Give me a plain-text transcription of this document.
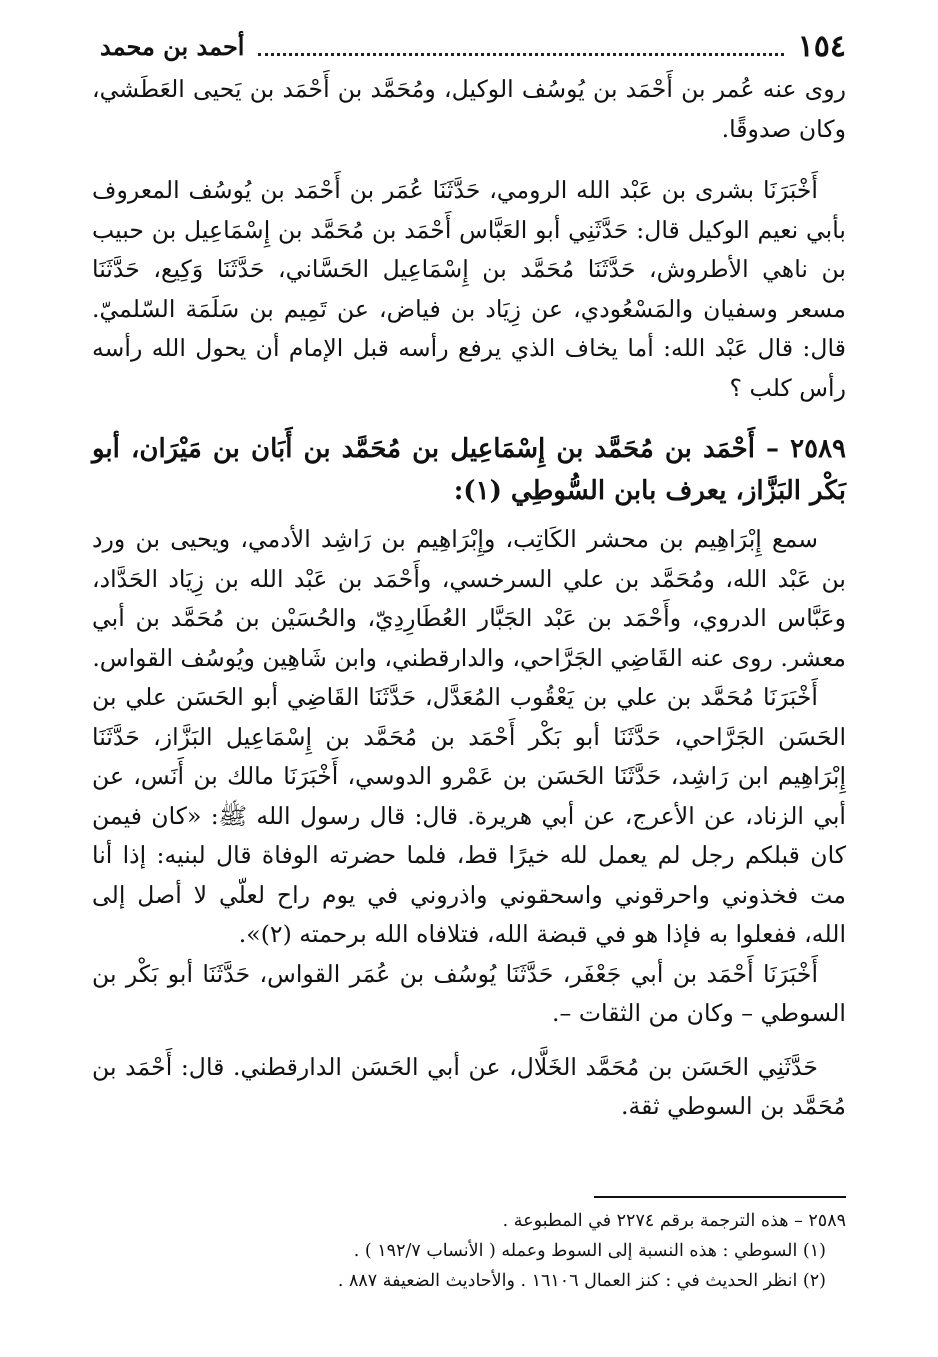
١٥٤
أحمد بن محمد

روى عنه عُمر بن أَحْمَد بن يُوسُف الوكيل، ومُحَمَّد بن أَحْمَد بن يَحيى العَطَشي، وكان صدوقًا.

أَخْبَرَنَا بشرى بن عَبْد الله الرومي، حَدَّثَنَا عُمَر بن أَحْمَد بن يُوسُف المعروف بأبي نعيم الوكيل قال: حَدَّثَنِي أبو العَبَّاس أَحْمَد بن مُحَمَّد بن إِسْمَاعِيل بن حبيب بن ناهي الأطروش، حَدَّثَنَا مُحَمَّد بن إِسْمَاعِيل الحَسَّاني، حَدَّثَنَا وَكِيع، حَدَّثَنَا مسعر وسفيان والمَسْعُودي، عن زِيَاد بن فياض، عن تَمِيم بن سَلَمَة السّلميّ. قال: قال عَبْد الله: أما يخاف الذي يرفع رأسه قبل الإمام أن يحول الله رأسه رأس كلب ؟

٢٥٨٩ – أَحْمَد بن مُحَمَّد بن إِسْمَاعِيل بن مُحَمَّد بن أَبَان بن مَيْرَان، أبو بَكْر البَزَّاز، يعرف بابن السُّوطِي (١):

سمع إِبْرَاهِيم بن محشر الكَاتِب، وإِبْرَاهِيم بن رَاشِد الأدمي، ويحيى بن ورد بن عَبْد الله، ومُحَمَّد بن علي السرخسي، وأَحْمَد بن عَبْد الله بن زِيَاد الحَدَّاد، وعَبَّاس الدروي، وأَحْمَد بن عَبْد الجَبَّار العُطَارِدِيّ، والحُسَيْن بن مُحَمَّد بن أبي معشر. روى عنه القَاضِي الجَرَّاحي، والدارقطني، وابن شَاهِين ويُوسُف القواس.

أَخْبَرَنَا مُحَمَّد بن علي بن يَعْقُوب المُعَدَّل، حَدَّثَنَا القَاضِي أبو الحَسَن علي بن الحَسَن الجَرَّاحي، حَدَّثَنَا أبو بَكْر أَحْمَد بن مُحَمَّد بن إِسْمَاعِيل البَزَّاز، حَدَّثَنَا إِبْرَاهِيم ابن رَاشِد، حَدَّثَنَا الحَسَن بن عَمْرو الدوسي، أَخْبَرَنَا مالك بن أَنَس، عن أبي الزناد، عن الأعرج، عن أبي هريرة. قال: قال رسول الله ﷺ: «كان فيمن كان قبلكم رجل لم يعمل لله خيرًا قط، فلما حضرته الوفاة قال لبنيه: إذا أنا مت فخذوني واحرقوني واسحقوني واذروني في يوم راح لعلّي لا أصل إلى الله، ففعلوا به فإذا هو في قبضة الله، فتلافاه الله برحمته (٢)».

أَخْبَرَنَا أَحْمَد بن أبي جَعْفَر، حَدَّثَنَا يُوسُف بن عُمَر القواس، حَدَّثَنَا أبو بَكْر بن السوطي – وكان من الثقات –.

حَدَّثَنِي الحَسَن بن مُحَمَّد الخَلَّال، عن أبي الحَسَن الدارقطني. قال: أَحْمَد بن مُحَمَّد بن السوطي ثقة.

٢٥٨٩ – هذه الترجمة برقم ٢٢٧٤ في المطبوعة .
(١) السوطي : هذه النسبة إلى السوط وعمله ( الأنساب ١٩٢/٧ ) .
(٢) انظر الحديث في : كنز العمال ١٦١٠٦ . والأحاديث الضعيفة ٨٨٧ .
